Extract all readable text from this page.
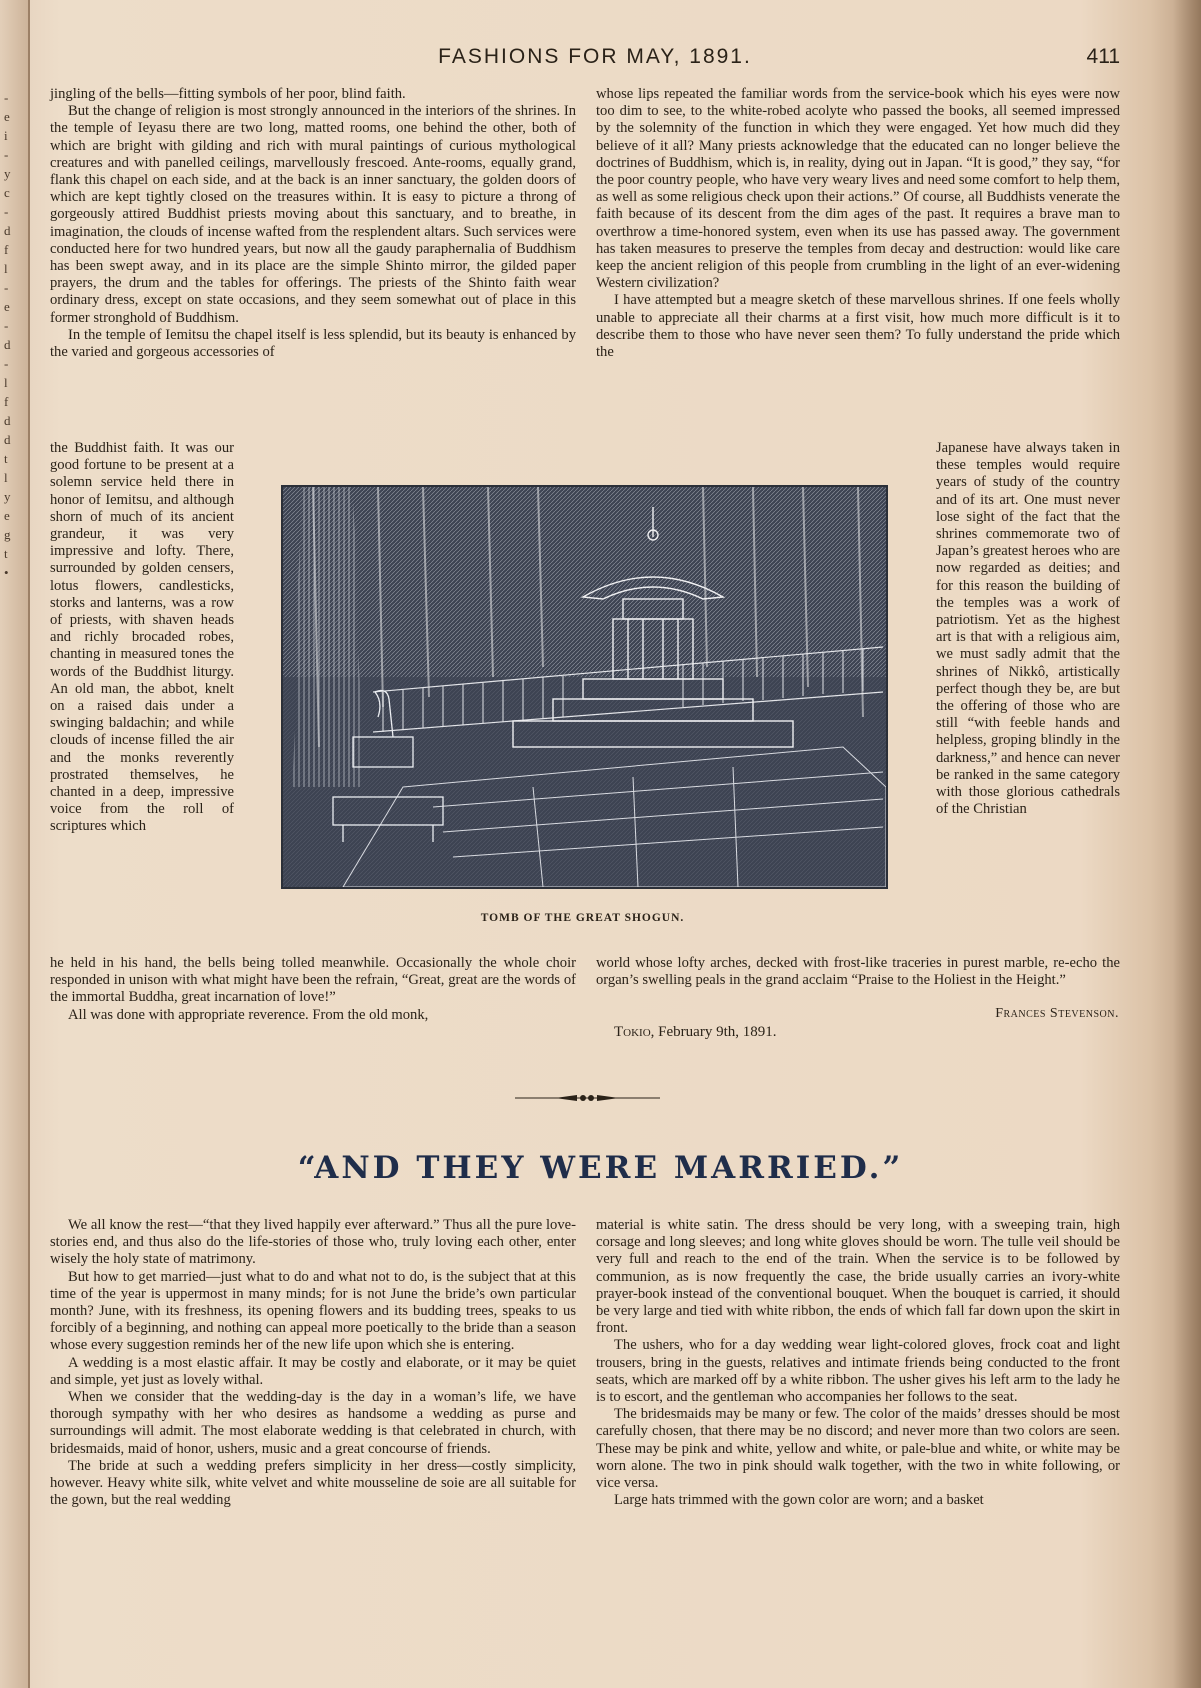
-
e
i
-
y
c
-
d
f
l
-
e
-
d
-
l
f
d
d
t
l
y
e
g
t
•
FASHIONS FOR MAY, 1891.	411

jingling of the bells—fitting symbols of her poor, blind faith.

But the change of religion is most strongly announced in the interiors of the shrines. In the temple of Ieyasu there are two long, matted rooms, one behind the other, both of which are bright with gilding and rich with mural paintings of curious mythological creatures and with panelled ceilings, marvellously frescoed. Ante-rooms, equally grand, flank this chapel on each side, and at the back is an inner sanctuary, the golden doors of which are kept tightly closed on the treasures within. It is easy to picture a throng of gorgeously attired Buddhist priests moving about this sanctuary, and to breathe, in imagination, the clouds of incense wafted from the resplendent altars. Such services were conducted here for two hundred years, but now all the gaudy paraphernalia of Buddhism has been swept away, and in its place are the simple Shinto mirror, the gilded paper prayers, the drum and the tables for offerings. The priests of the Shinto faith wear ordinary dress, except on state occasions, and they seem somewhat out of place in this former stronghold of Buddhism.

In the temple of Iemitsu the chapel itself is less splendid, but its beauty is enhanced by the varied and gorgeous accessories of

whose lips repeated the familiar words from the service-book which his eyes were now too dim to see, to the white-robed acolyte who passed the books, all seemed impressed by the solemnity of the function in which they were engaged. Yet how much did they believe of it all? Many priests acknowledge that the educated can no longer believe the doctrines of Buddhism, which is, in reality, dying out in Japan. “It is good,” they say, “for the poor country people, who have very weary lives and need some comfort to help them, as well as some religious check upon their actions.” Of course, all Buddhists venerate the faith because of its descent from the dim ages of the past. It requires a brave man to overthrow a time-honored system, even when its use has passed away. The government has taken measures to preserve the temples from decay and destruction: would like care keep the ancient religion of this people from crumbling in the light of an ever-widening Western civilization?

I have attempted but a meagre sketch of these marvellous shrines. If one feels wholly unable to appreciate all their charms at a first visit, how much more difficult is it to describe them to those who have never seen them? To fully understand the pride which the

the Buddhist faith. It was our good fortune to be present at a solemn service held there in honor of Iemitsu, and although shorn of much of its ancient grandeur, it was very impressive and lofty. There, surrounded by golden censers, lotus flowers, candlesticks, storks and lanterns, was a row of priests, with shaven heads and richly brocaded robes, chanting in measured tones the words of the Buddhist liturgy. An old man, the abbot, knelt on a raised dais under a swinging baldachin; and while clouds of incense filled the air and the monks reverently prostrated themselves, he chanted in a deep, impressive voice from the roll of scriptures which

Japanese have always taken in these temples would require years of study of the country and of its art. One must never lose sight of the fact that the shrines commemorate two of Japan’s greatest heroes who are now regarded as deities; and for this reason the building of the temples was a work of patriotism. Yet as the highest art is that with a religious aim, we must sadly admit that the shrines of Nikkô, artistically perfect though they be, are but the offering of those who are still “with feeble hands and helpless, groping blindly in the darkness,” and hence can never be ranked in the same category with those glorious cathedrals of the Christian

TOMB OF THE GREAT SHOGUN.

he held in his hand, the bells being tolled meanwhile. Occasionally the whole choir responded in unison with what might have been the refrain, “Great, great are the words of the immortal Buddha, great incarnation of love!”

All was done with appropriate reverence. From the old monk,

world whose lofty arches, decked with frost-like traceries in purest marble, re-echo the organ’s swelling peals in the grand acclaim “Praise to the Holiest in the Height.”

Frances Stevenson.
Tokio, February 9th, 1891.
“AND THEY WERE MARRIED.”

We all know the rest—“that they lived happily ever afterward.” Thus all the pure love-stories end, and thus also do the life-stories of those who, truly loving each other, enter wisely the holy state of matrimony.

But how to get married—just what to do and what not to do, is the subject that at this time of the year is uppermost in many minds; for is not June the bride’s own particular month? June, with its freshness, its opening flowers and its budding trees, speaks to us forcibly of a beginning, and nothing can appeal more poetically to the bride than a season whose every suggestion reminds her of the new life upon which she is entering.

A wedding is a most elastic affair. It may be costly and elaborate, or it may be quiet and simple, yet just as lovely withal.

When we consider that the wedding-day is the day in a woman’s life, we have thorough sympathy with her who desires as handsome a wedding as purse and surroundings will admit. The most elaborate wedding is that celebrated in church, with bridesmaids, maid of honor, ushers, music and a great concourse of friends.

The bride at such a wedding prefers simplicity in her dress—costly simplicity, however. Heavy white silk, white velvet and white mousseline de soie are all suitable for the gown, but the real wedding

material is white satin. The dress should be very long, with a sweeping train, high corsage and long sleeves; and long white gloves should be worn. The tulle veil should be very full and reach to the end of the train. When the service is to be followed by communion, as is now frequently the case, the bride usually carries an ivory-white prayer-book instead of the conventional bouquet. When the bouquet is carried, it should be very large and tied with white ribbon, the ends of which fall far down upon the skirt in front.

The ushers, who for a day wedding wear light-colored gloves, frock coat and light trousers, bring in the guests, relatives and intimate friends being conducted to the front seats, which are marked off by a white ribbon. The usher gives his left arm to the lady he is to escort, and the gentleman who accompanies her follows to the seat.

The bridesmaids may be many or few. The color of the maids’ dresses should be most carefully chosen, that there may be no discord; and never more than two colors are seen. These may be pink and white, yellow and white, or pale-blue and white, or white may be worn alone. The two in pink should walk together, with the two in white following, or vice versa.

Large hats trimmed with the gown color are worn; and a basket
